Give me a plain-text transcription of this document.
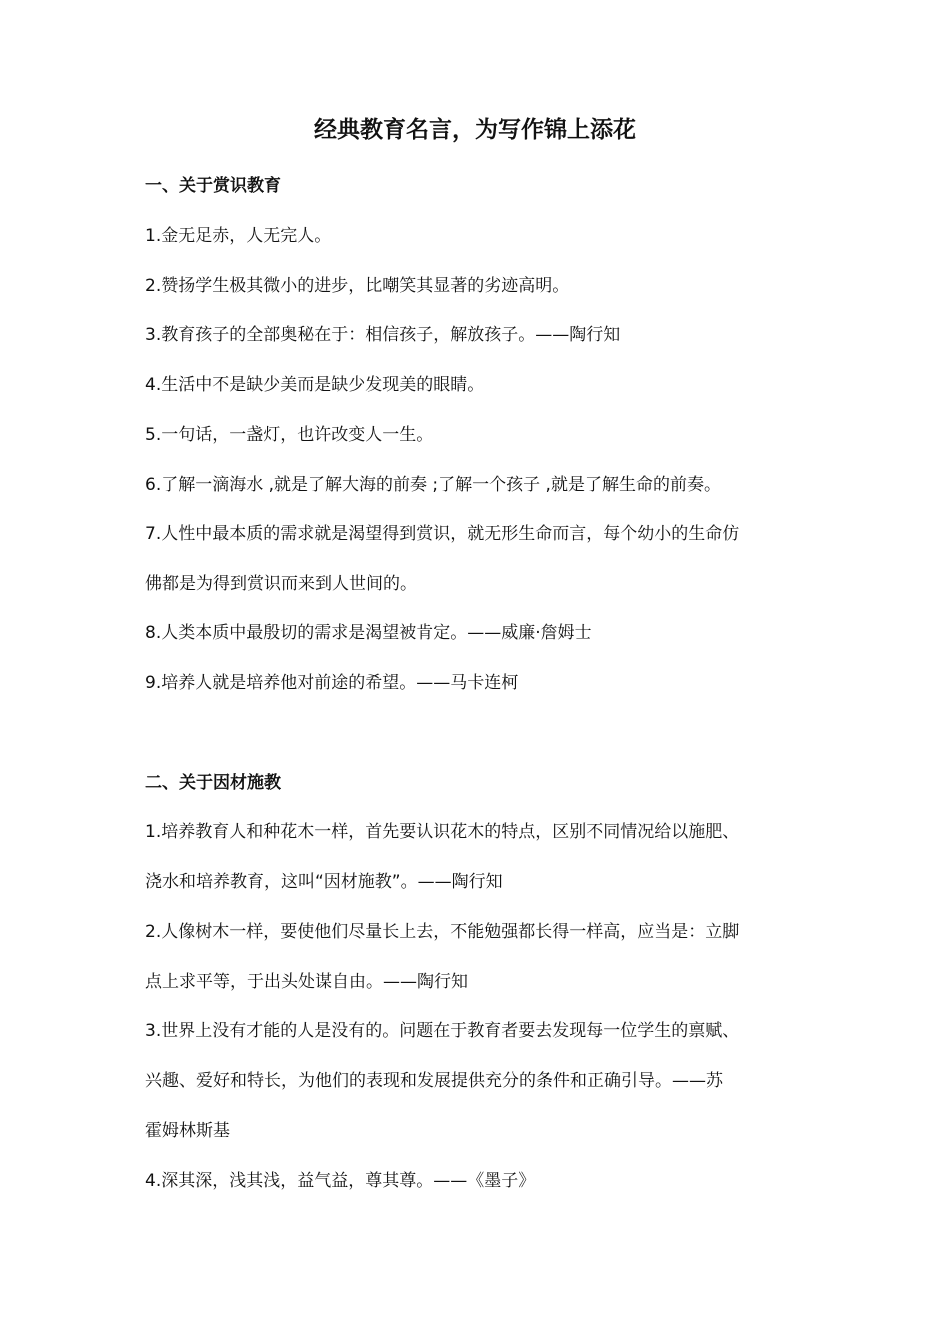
经典教育名言，为写作锦上添花
一、关于赏识教育

1.金无足赤，人无完人。

2.赞扬学生极其微小的进步，比嘲笑其显著的劣迹高明。

3.教育孩子的全部奥秘在于：相信孩子，解放孩子。——陶行知

4.生活中不是缺少美而是缺少发现美的眼睛。

5.一句话，一盏灯，也许改变人一生。

6.了解一滴海水 ,就是了解大海的前奏 ;了解一个孩子 ,就是了解生命的前奏。

7.人性中最本质的需求就是渴望得到赏识，就无形生命而言，每个幼小的生命仿

佛都是为得到赏识而来到人世间的。

8.人类本质中最殷切的需求是渴望被肯定。——威廉·詹姆士

9.培养人就是培养他对前途的希望。——马卡连柯

二、关于因材施教

1.培养教育人和种花木一样，首先要认识花木的特点，区别不同情况给以施肥、

浇水和培养教育，这叫“因材施教”。——陶行知

2.人像树木一样，要使他们尽量长上去，不能勉强都长得一样高，应当是：立脚

点上求平等，于出头处谋自由。——陶行知

3.世界上没有才能的人是没有的。问题在于教育者要去发现每一位学生的禀赋、

兴趣、爱好和特长，为他们的表现和发展提供充分的条件和正确引导。——苏

霍姆林斯基

4.深其深，浅其浅，益气益，尊其尊。——《墨子》
